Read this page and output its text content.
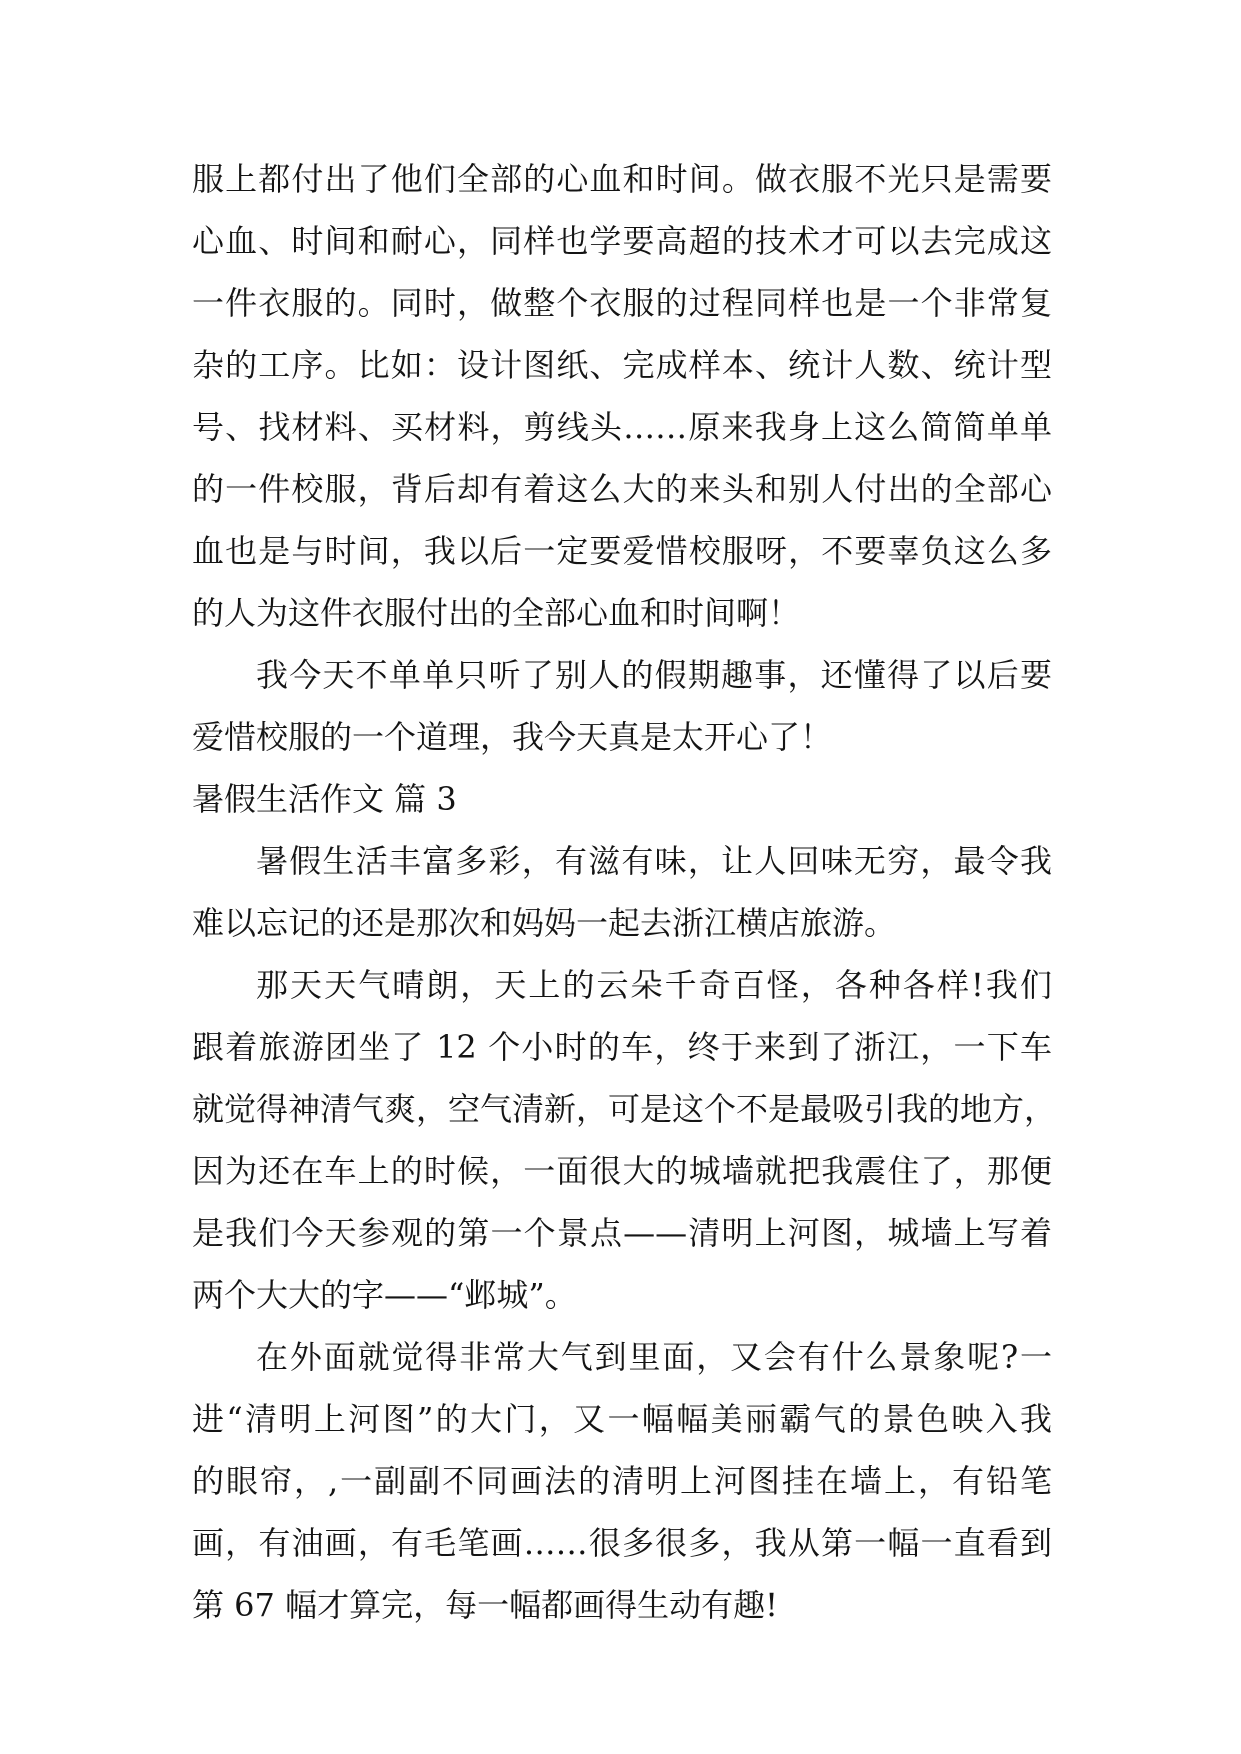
服上都付出了他们全部的心血和时间。做衣服不光只是需要
心血、时间和耐心，同样也学要高超的技术才可以去完成这
一件衣服的。同时，做整个衣服的过程同样也是一个非常复
杂的工序。比如：设计图纸、完成样本、统计人数、统计型
号、找材料、买材料，剪线头……原来我身上这么简简单单
的一件校服，背后却有着这么大的来头和别人付出的全部心
血也是与时间，我以后一定要爱惜校服呀，不要辜负这么多
的人为这件衣服付出的全部心血和时间啊！
我今天不单单只听了别人的假期趣事，还懂得了以后要
爱惜校服的一个道理，我今天真是太开心了！
暑假生活作文 篇 3
暑假生活丰富多彩，有滋有味，让人回味无穷，最令我
难以忘记的还是那次和妈妈一起去浙江横店旅游。
那天天气晴朗，天上的云朵千奇百怪，各种各样!我们
跟着旅游团坐了 12 个小时的车，终于来到了浙江，一下车
就觉得神清气爽，空气清新，可是这个不是最吸引我的地方，
因为还在车上的时候，一面很大的城墙就把我震住了，那便
是我们今天参观的第一个景点——清明上河图，城墙上写着
两个大大的字——“邺城”。
在外面就觉得非常大气到里面，又会有什么景象呢?一
进“清明上河图”的大门，又一幅幅美丽霸气的景色映入我
的眼帘，,一副副不同画法的清明上河图挂在墙上，有铅笔
画，有油画，有毛笔画……很多很多，我从第一幅一直看到
第 67 幅才算完，每一幅都画得生动有趣!
